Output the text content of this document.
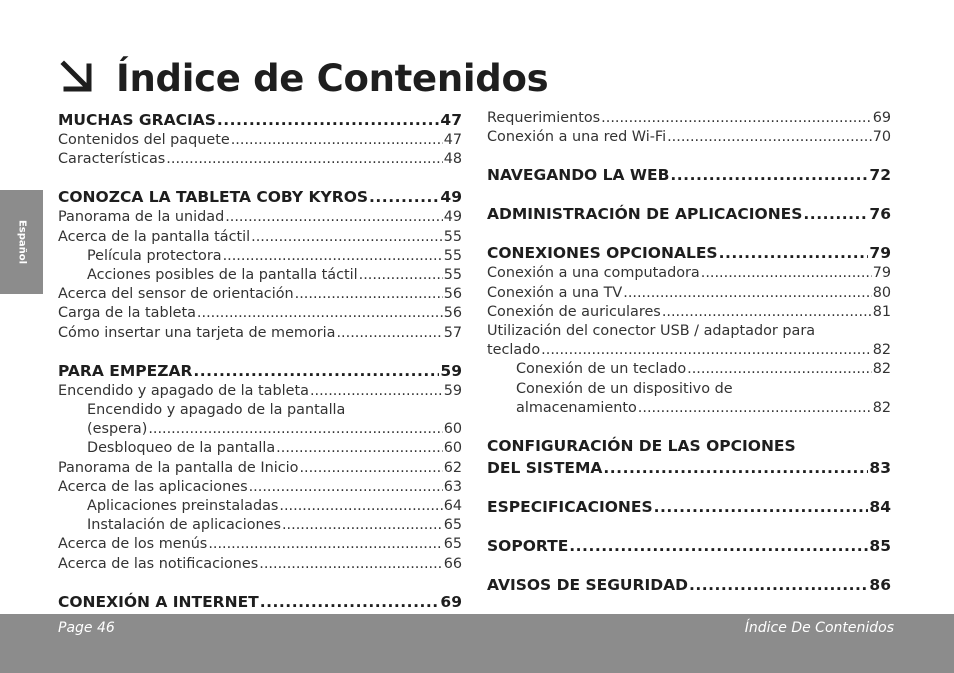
Índice de Contenidos
MUCHAS GRACIAS .....	47
Contenidos del paquete .....	47
Características .....	48
CONOZCA LA TABLETA COBY KYROS .....	49
Panorama de la unidad .....	49
Acerca de la pantalla táctil .....	55
Película protectora .....	55
Acciones posibles de la pantalla táctil .....	55
Acerca del sensor de orientación .....	56
Carga de la tableta .....	56
Cómo insertar una tarjeta de memoria .....	57
PARA EMPEZAR .....	59
Encendido y apagado de la tableta .....	59
Encendido y apagado de la pantalla
(espera) .....	60
Desbloqueo de la pantalla .....	60
Panorama de la pantalla de Inicio .....	62
Acerca de las aplicaciones .....	63
Aplicaciones preinstaladas .....	64
Instalación de aplicaciones .....	65
Acerca de los menús .....	65
Acerca de las notificaciones .....	66
CONEXIÓN A INTERNET .....	69
Requerimientos .....	69
Conexión a una red Wi-Fi .....	70
NAVEGANDO LA WEB .....	72
ADMINISTRACIÓN DE APLICACIONES .....	76
CONEXIONES OPCIONALES .....	79
Conexión a una computadora .....	79
Conexión a una TV .....	80
Conexión de auriculares .....	81
Utilización del conector USB / adaptador para
teclado .....	82
Conexión de un teclado .....	82
Conexión de un dispositivo de
almacenamiento .....	82
CONFIGURACIÓN DE LAS OPCIONES
DEL SISTEMA .....	83
ESPECIFICACIONES .....	84
SOPORTE .....	85
AVISOS DE SEGURIDAD .....	86
Español
Page 46	Índice De Contenidos
